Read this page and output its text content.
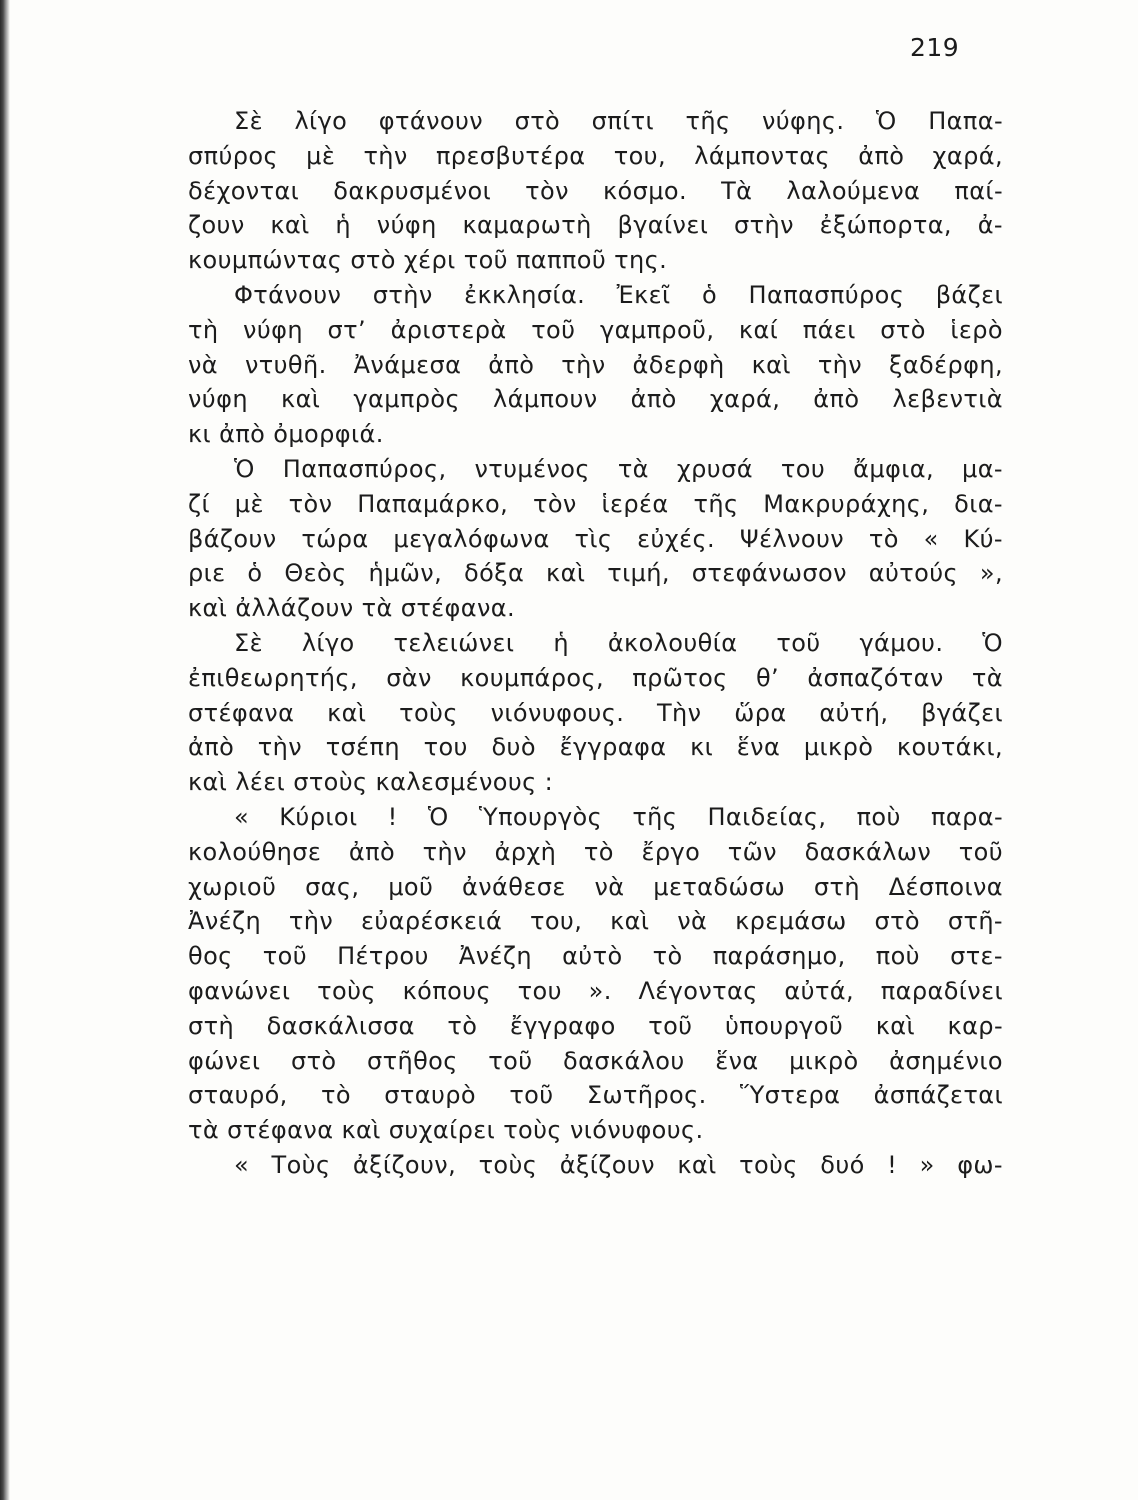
219
Σὲ λίγο φτάνουν στὸ σπίτι τῆς νύφης. Ὁ Παπα-
σπύρος μὲ τὴν πρεσβυτέρα του, λάμποντας ἀπὸ χαρά,
δέχονται δακρυσμένοι τὸν κόσμο. Τὰ λαλούμενα παί-
ζουν καὶ ἡ νύφη καμαρωτὴ βγαίνει στὴν ἐξώπορτα, ἀ-
κουμπώντας στὸ χέρι τοῦ παπποῦ της.
Φτάνουν στὴν ἐκκλησία. Ἐκεῖ ὁ Παπασπύρος βάζει
τὴ νύφη στ’ ἀριστερὰ τοῦ γαμπροῦ, καί πάει στὸ ἱερὸ
νὰ ντυθῆ. Ἀνάμεσα ἀπὸ τὴν ἀδερφὴ καὶ τὴν ξαδέρφη,
νύφη καὶ γαμπρὸς λάμπουν ἀπὸ χαρά, ἀπὸ λεβεντιὰ
κι ἀπὸ ὀμορφιά.
Ὁ Παπασπύρος, ντυμένος τὰ χρυσά του ἄμφια, μα-
ζί μὲ τὸν Παπαμάρκο, τὸν ἱερέα τῆς Μακρυράχης, δια-
βάζουν τώρα μεγαλόφωνα τὶς εὐχές. Ψέλνουν τὸ « Κύ-
ριε ὁ Θεὸς ἡμῶν, δόξα καὶ τιμή, στεφάνωσον αὐτούς »,
καὶ ἀλλάζουν τὰ στέφανα.
Σὲ λίγο τελειώνει ἡ ἀκολουθία τοῦ γάμου. Ὁ
ἐπιθεωρητής, σὰν κουμπάρος, πρῶτος θ’ ἀσπαζόταν τὰ
στέφανα καὶ τοὺς νιόνυφους. Τὴν ὥρα αὐτή, βγάζει
ἀπὸ τὴν τσέπη του δυὸ ἔγγραφα κι ἕνα μικρὸ κουτάκι,
καὶ λέει στοὺς καλεσμένους :
« Κύριοι ! Ὁ Ὑπουργὸς τῆς Παιδείας, ποὺ παρα-
κολούθησε ἀπὸ τὴν ἀρχὴ τὸ ἔργο τῶν δασκάλων τοῦ
χωριοῦ σας, μοῦ ἀνάθεσε νὰ μεταδώσω στὴ Δέσποινα
Ἀνέζη τὴν εὐαρέσκειά του, καὶ νὰ κρεμάσω στὸ στῆ-
θος τοῦ Πέτρου Ἀνέζη αὐτὸ τὸ παράσημο, ποὺ στε-
φανώνει τοὺς κόπους του ». Λέγοντας αὐτά, παραδίνει
στὴ δασκάλισσα τὸ ἔγγραφο τοῦ ὑπουργοῦ καὶ καρ-
φώνει στὸ στῆθος τοῦ δασκάλου ἕνα μικρὸ ἀσημένιο
σταυρό, τὸ σταυρὸ τοῦ Σωτῆρος. Ὕστερα ἀσπάζεται
τὰ στέφανα καὶ συχαίρει τοὺς νιόνυφους.
« Τοὺς ἀξίζουν, τοὺς ἀξίζουν καὶ τοὺς δυό ! » φω-
